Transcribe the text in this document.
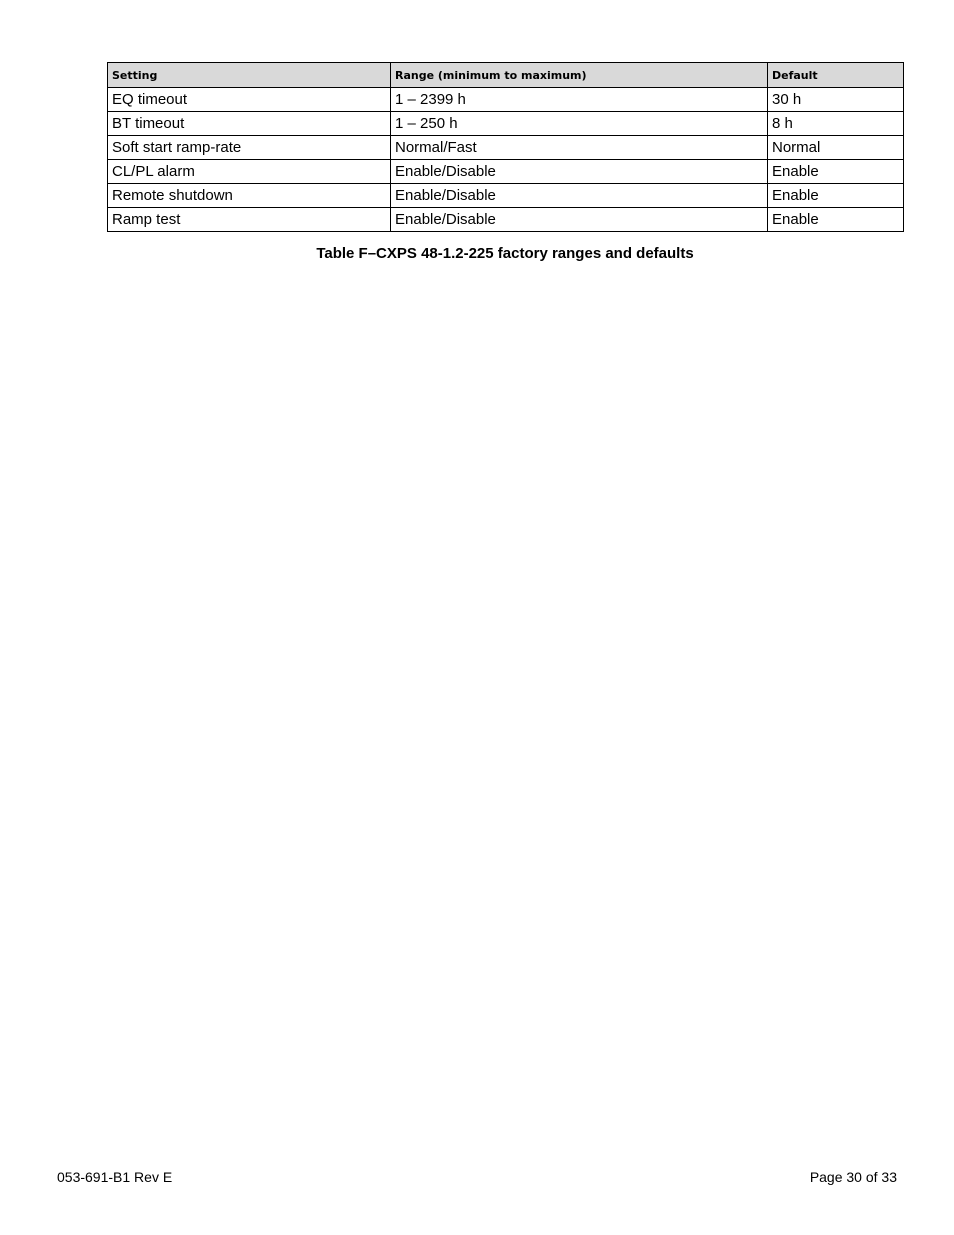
Setting	Range (minimum to maximum)	Default
EQ timeout	1 – 2399 h	30 h
BT timeout	1 – 250 h	8 h
Soft start ramp-rate	Normal/Fast	Normal
CL/PL alarm	Enable/Disable	Enable
Remote shutdown	Enable/Disable	Enable
Ramp test	Enable/Disable	Enable
Table F–CXPS 48-1.2-225 factory ranges and defaults
053-691-B1 Rev E	Page 30 of 33
